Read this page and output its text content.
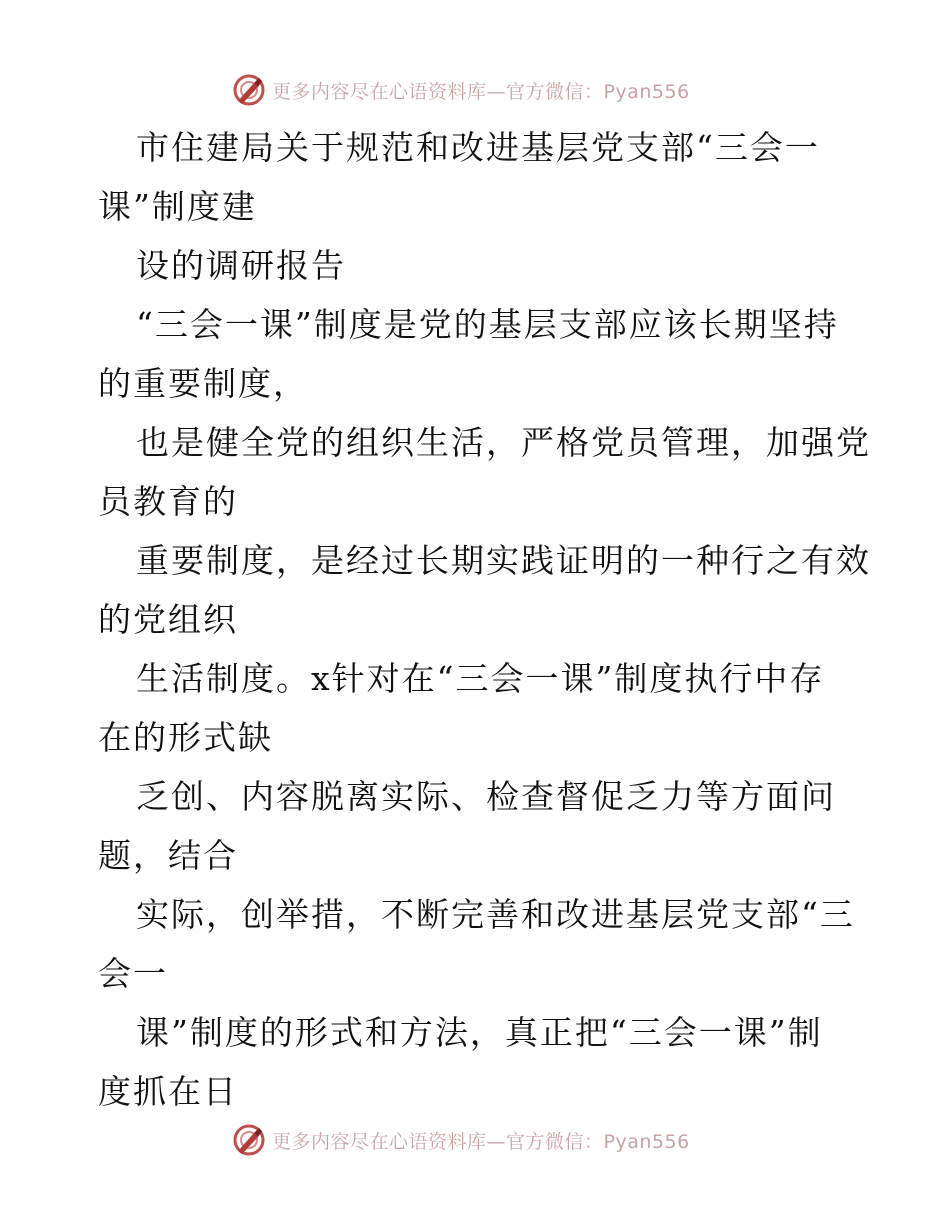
更多内容尽在心语资料库—官方微信：Pyan556
市住建局关于规范和改进基层党支部“三会一
课”制度建
设的调研报告
“三会一课”制度是党的基层支部应该长期坚持
的重要制度，
也是健全党的组织生活，严格党员管理，加强党
员教育的
重要制度，是经过长期实践证明的一种行之有效
的党组织
生活制度。x针对在“三会一课”制度执行中存
在的形式缺
乏创、内容脱离实际、检查督促乏力等方面问
题，结合
实际，创举措，不断完善和改进基层党支部“三
会一
课”制度的形式和方法，真正把“三会一课”制
度抓在日
更多内容尽在心语资料库—官方微信：Pyan556
